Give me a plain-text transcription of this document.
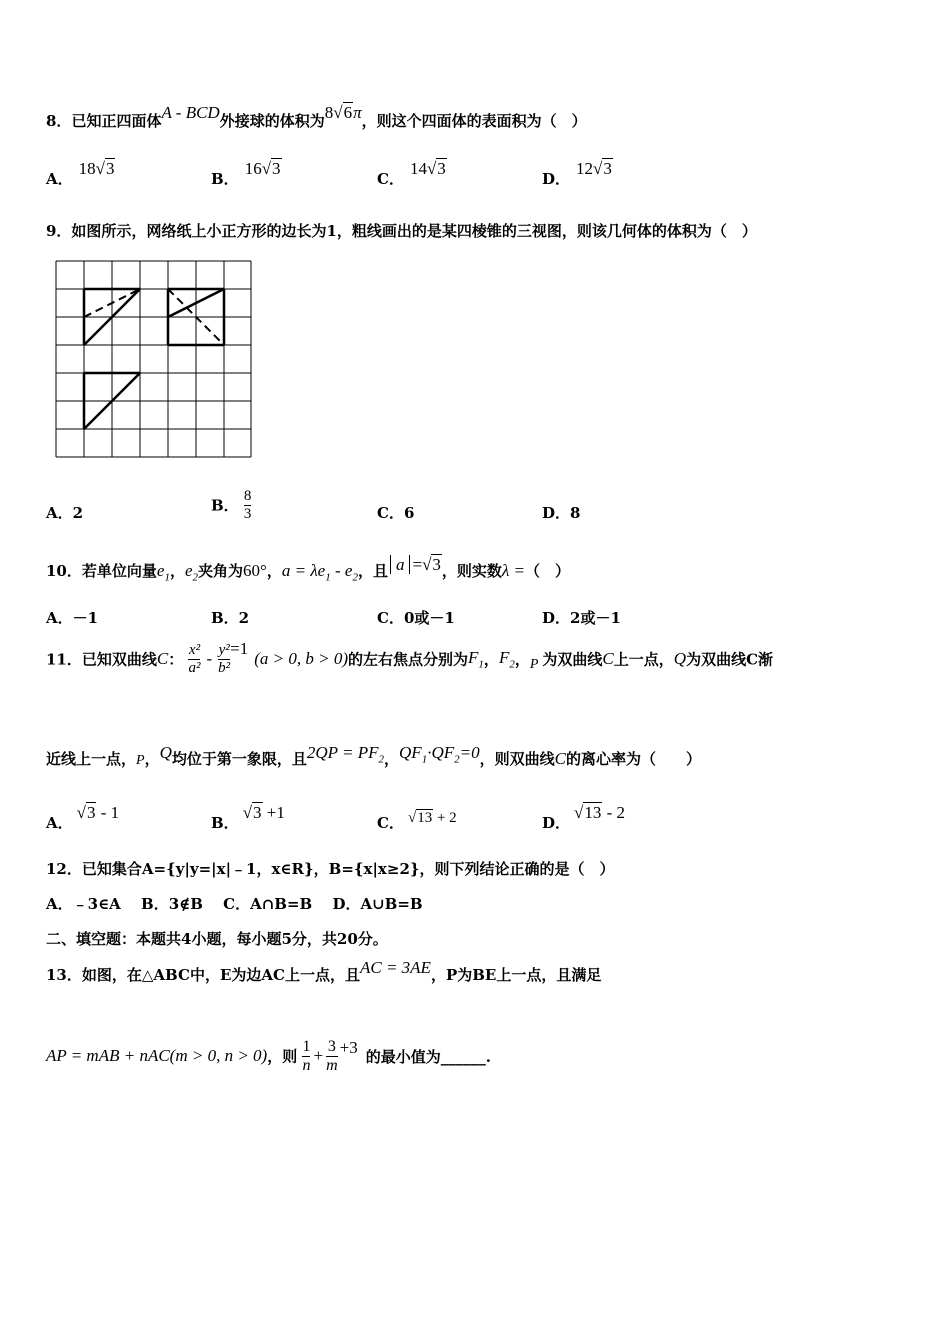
8．已知正四面体A - BCD外接球的体积为8√6π，则这个四面体的表面积为（　）
A．18√3
B．16√3
C．14√3
D．12√3
9．如图所示，网络纸上小正方形的边长为1，粗线画出的是某四棱锥的三视图，则该几何体的体积为（　）
A．2	B． $\frac{8}{3}$	C．6	D．8
10．若单位向量$e_1$，$e_2$夹角为60°，$a = \lambda e_1 - e_2$，且 a =√3，则实数λ =（　）
A．－1	B．2	C．0或－1	D．2或－1
11．已知双曲线C： $\frac{\text{x²}}{\text{a²}} - \frac{\text{y²}}{\text{b²}} =1(a > 0$, b > 0)的左右焦点分别为$F_1$，$F_2$，P 为双曲线C上一点，Q为双曲线C渐
近线上一点，P，Q均位于第一象限，且$2QP = PF_2$，$QF_1\cdot QF_2=0$，则双曲线C的离心率为（　　）
A．√3 - 1
B．√3 +1
C． √13 + 2	D．√13 - 2
12．已知集合A={y|y=|x|﹣1，x∈R}，B={x|x≥2}，则下列结论正确的是（　）
A．﹣3∈A　 B．3∉B　 C．A∩B=B　 D．A∪B=B
二、填空题：本题共4小题，每小题5分，共20分。
13．如图，在△ABC中，E为边AC上一点，且AC = 3AE，P为BE上一点，且满足
AP = mAB + nAC(m > 0, n > 0)，则 $\frac{1}{n} + \frac{3}{m} +3$ 的最小值为______.
